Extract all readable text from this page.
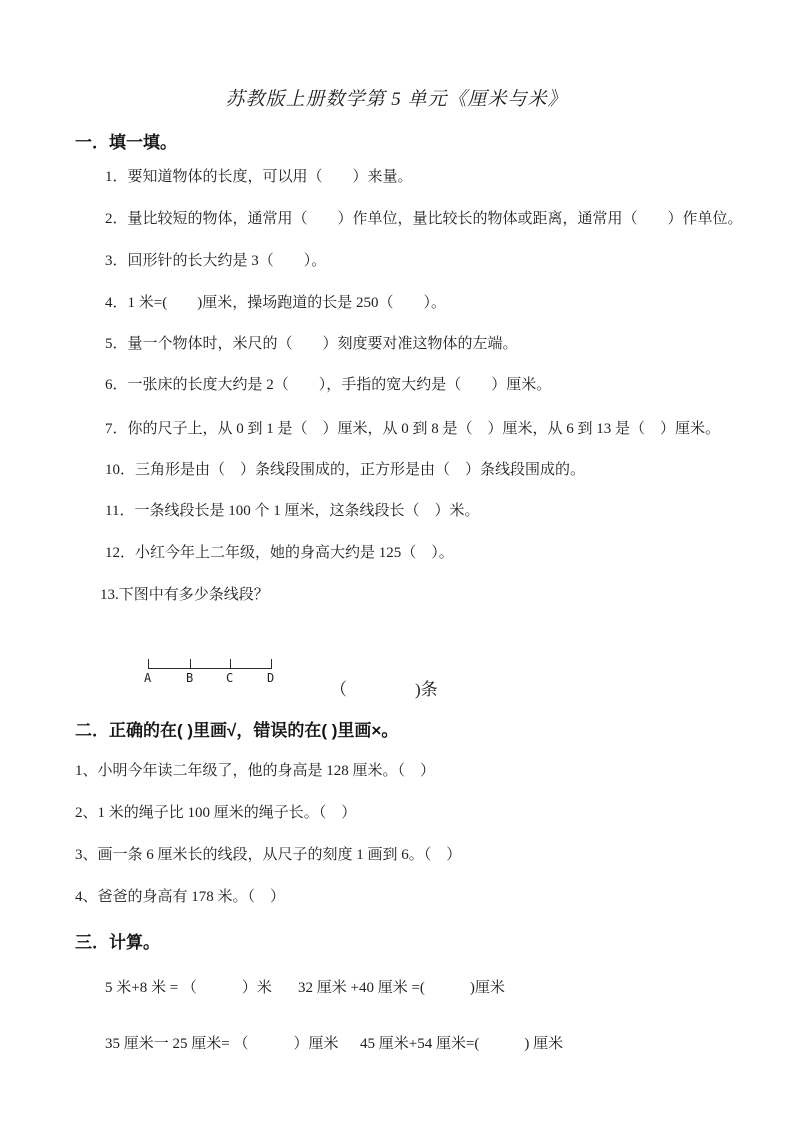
苏教版上册数学第 5 单元《厘米与米》
一．填一填。
1．要知道物体的长度，可以用（　　）来量。
2．量比较短的物体，通常用（　　）作单位，量比较长的物体或距离，通常用（　　）作单位。
3．回形针的长大约是 3（　　）。
4．1 米=(　　)厘米，操场跑道的长是 250（　　）。
5．量一个物体时，米尺的（　　）刻度要对准这物体的左端。
6．一张床的长度大约是 2（　　），手指的宽大约是（　　）厘米。
7．你的尺子上，从 0 到 1 是（　）厘米，从 0 到 8 是（　）厘米，从 6 到 13 是（　）厘米。
10．三角形是由（　）条线段围成的，正方形是由（　）条线段围成的。
11．一条线段长是 100 个 1 厘米，这条线段长（　）米。
12．小红今年上二年级，她的身高大约是 125（　）。
13.下图中有多少条线段？
A	B	C	D
（　　　　)条
二．正确的在( )里画√，错误的在( )里画×。
1、小明今年读二年级了，他的身高是 128 厘米。（　）
2、1 米的绳子比 100 厘米的绳子长。（　）
3、画一条 6 厘米长的线段，从尺子的刻度 1 画到 6。（　）
4、爸爸的身高有 178 米。（　）
三．计算。
5 米+8 米 = （　　　）米 32 厘米 +40 厘米 =(　　　)厘米
35 厘米一 25 厘米= （　　　）厘米 45 厘米+54 厘米=(　　　) 厘米
